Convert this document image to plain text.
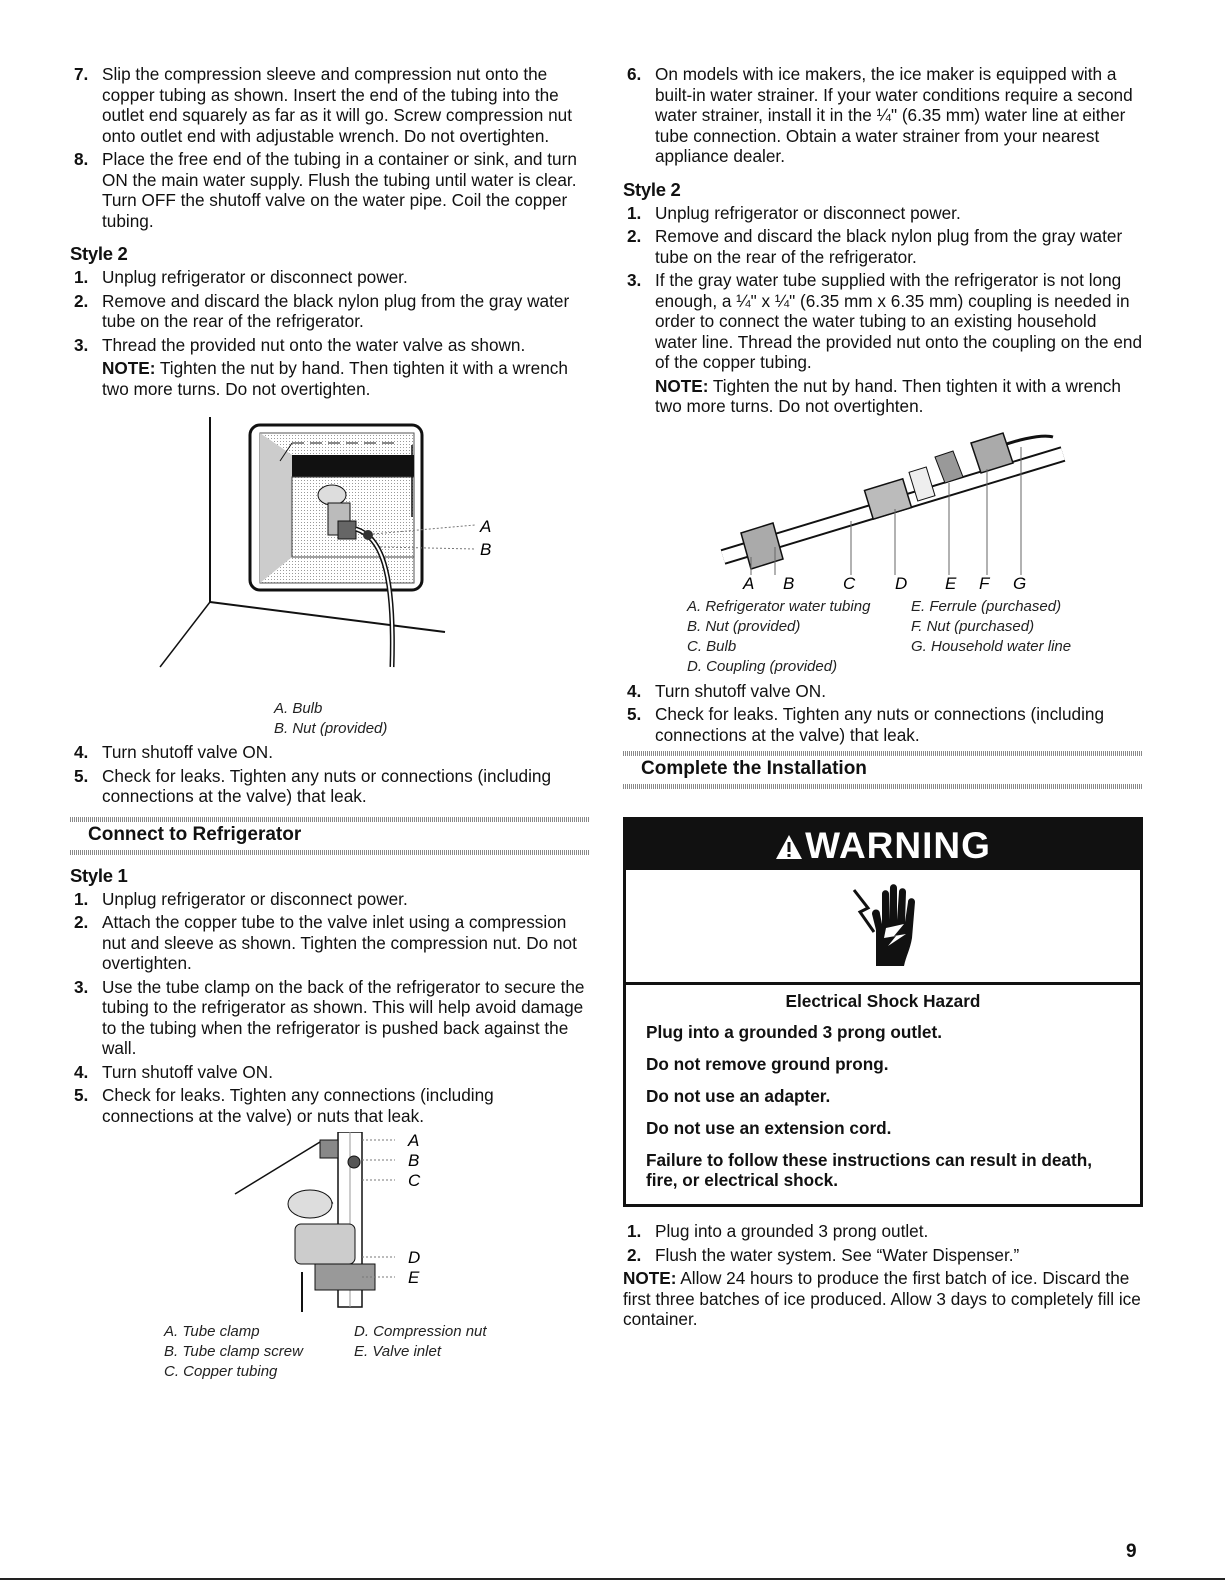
7. Slip the compression sleeve and compression nut onto the copper tubing as shown. Insert the end of the tubing into the outlet end squarely as far as it will go. Screw compression nut onto outlet end with adjustable wrench. Do not overtighten.
8. Place the free end of the tubing in a container or sink, and turn ON the main water supply. Flush the tubing until water is clear. Turn OFF the shutoff valve on the water pipe. Coil the copper tubing.
Style 2
1. Unplug refrigerator or disconnect power.
2. Remove and discard the black nylon plug from the gray water tube on the rear of the refrigerator.
3. Thread the provided nut onto the water valve as shown.
NOTE: Tighten the nut by hand. Then tighten it with a wrench two more turns. Do not overtighten.
A
B
A. Bulb
B. Nut (provided)
4. Turn shutoff valve ON.
5. Check for leaks. Tighten any nuts or connections (including connections at the valve) that leak.
Connect to Refrigerator
Style 1
1. Unplug refrigerator or disconnect power.
2. Attach the copper tube to the valve inlet using a compression nut and sleeve as shown. Tighten the compression nut. Do not overtighten.
3. Use the tube clamp on the back of the refrigerator to secure the tubing to the refrigerator as shown. This will help avoid damage to the tubing when the refrigerator is pushed back against the wall.
4. Turn shutoff valve ON.
5. Check for leaks. Tighten any connections (including connections at the valve) or nuts that leak.
A
B
C
D
E
A. Tube clamp
B. Tube clamp screw
C. Copper tubing
D. Compression nut
E. Valve inlet
6. On models with ice makers, the ice maker is equipped with a built-in water strainer. If your water conditions require a second water strainer, install it in the ¼" (6.35 mm) water line at either tube connection. Obtain a water strainer from your nearest appliance dealer.
Style 2
1. Unplug refrigerator or disconnect power.
2. Remove and discard the black nylon plug from the gray water tube on the rear of the refrigerator.
3. If the gray water tube supplied with the refrigerator is not long enough, a ¼" x ¼" (6.35 mm x 6.35 mm) coupling is needed in order to connect the water tubing to an existing household water line. Thread the provided nut onto the coupling on the end of the copper tubing.
NOTE: Tighten the nut by hand. Then tighten it with a wrench two more turns. Do not overtighten.
A B	C D E F G
A. Refrigerator water tubing
B. Nut (provided)
C. Bulb
D. Coupling (provided)
E. Ferrule (purchased)
F. Nut (purchased)
G. Household water line
4. Turn shutoff valve ON.
5. Check for leaks. Tighten any nuts or connections (including connections at the valve) that leak.
Complete the Installation
WARNING
Electrical Shock Hazard

Plug into a grounded 3 prong outlet.

Do not remove ground prong.

Do not use an adapter.

Do not use an extension cord.

Failure to follow these instructions can result in death, fire, or electrical shock.

1. Plug into a grounded 3 prong outlet.
2. Flush the water system. See “Water Dispenser.”
NOTE: Allow 24 hours to produce the first batch of ice. Discard the first three batches of ice produced. Allow 3 days to completely fill ice container.
9
